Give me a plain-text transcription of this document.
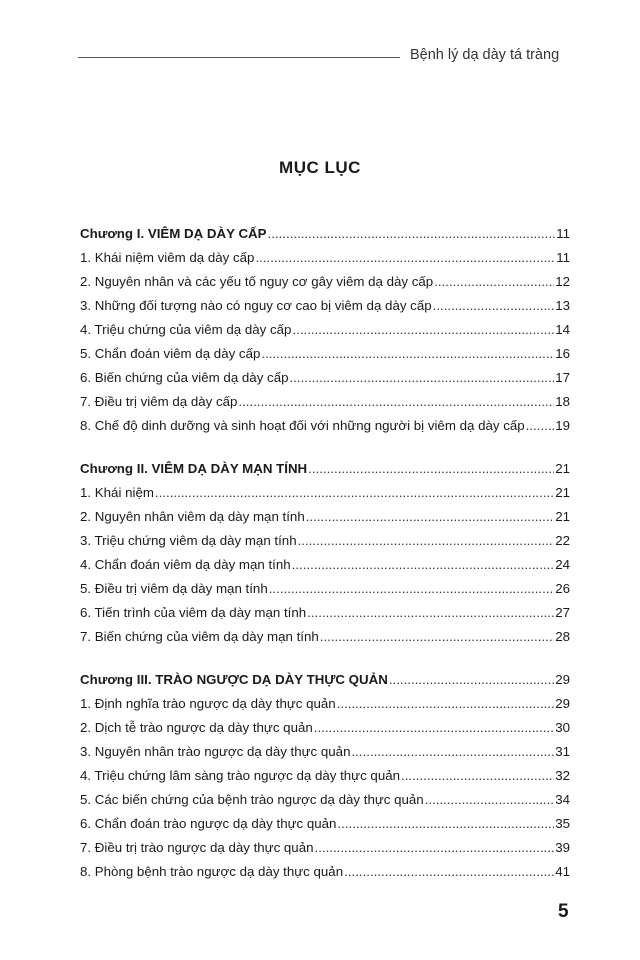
Bệnh lý dạ dày tá tràng
MỤC LỤC
Chương I. VIÊM DẠ DÀY CẤP .....	11
1. Khái niệm viêm dạ dày cấp .....	11
2. Nguyên nhân và các yếu tố nguy cơ gây viêm dạ dày cấp .....	12
3. Những đối tượng nào có nguy cơ cao bị viêm dạ dày cấp .....	13
4. Triệu chứng của viêm dạ dày cấp .....	14
5. Chẩn đoán viêm dạ dày cấp .....	16
6. Biến chứng của viêm dạ dày cấp .....	17
7. Điều trị viêm dạ dày cấp .....	18
8. Chế độ dinh dưỡng và sinh hoạt đối với những người bị viêm dạ dày cấp ..... 19
Chương II. VIÊM DẠ DÀY MẠN TÍNH .....	21
1. Khái niệm .....	21
2. Nguyên nhân viêm dạ dày mạn tính .....	21
3. Triệu chứng viêm dạ dày mạn tính .....	22
4. Chẩn đoán viêm dạ dày mạn tính .....	24
5. Điều trị viêm dạ dày mạn tính .....	26
6. Tiến trình của viêm dạ dày mạn tính .....	27
7. Biến chứng của viêm dạ dày mạn tính .....	28
Chương III. TRÀO NGƯỢC DẠ DÀY THỰC QUẢN .....	29
1. Định nghĩa trào ngược dạ dày thực quản .....	29
2. Dịch tễ trào ngược dạ dày thực quản .....	30
3. Nguyên nhân trào ngược dạ dày thực quản .....	31
4. Triệu chứng lâm sàng trào ngược dạ dày thực quản .....	32
5. Các biến chứng của bệnh trào ngược dạ dày thực quản .....	34
6. Chẩn đoán trào ngược dạ dày thực quản .....	35
7. Điều trị trào ngược dạ dày thực quản .....	39
8. Phòng bệnh trào ngược dạ dày thực quản .....	41
5
